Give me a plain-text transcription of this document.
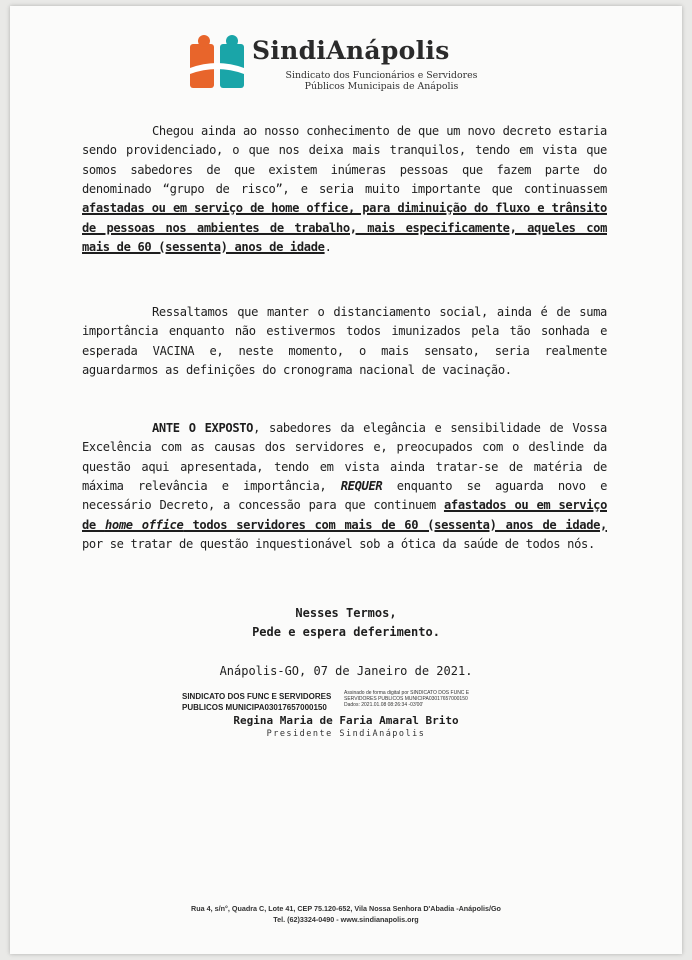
SindiAnápolis
Sindicato dos Funcionários e Servidores
Públicos Municipais de Anápolis
Chegou ainda ao nosso conhecimento de que um novo decreto estaria sendo providenciado, o que nos deixa mais tranquilos, tendo em vista que somos sabedores de que existem inúmeras pessoas que fazem parte do denominado “grupo de risco”, e seria muito importante que continuassem afastadas ou em serviço de home office, para diminuição do fluxo e trânsito de pessoas nos ambientes de trabalho, mais especificamente, aqueles com mais de 60 (sessenta) anos de idade.
Ressaltamos que manter o distanciamento social, ainda é de suma importância enquanto não estivermos todos imunizados pela tão sonhada e esperada VACINA e, neste momento, o mais sensato, seria realmente aguardarmos as definições do cronograma nacional de vacinação.
ANTE O EXPOSTO, sabedores da elegância e sensibilidade de Vossa Excelência com as causas dos servidores e, preocupados com o deslinde da questão aqui apresentada, tendo em vista ainda tratar-se de matéria de máxima relevância e importância, REQUER enquanto se aguarda novo e necessário Decreto, a concessão para que continuem afastados ou em serviço de home office todos servidores com mais de 60 (sessenta) anos de idade, por se tratar de questão inquestionável sob a ótica da saúde de todos nós.
Nesses Termos,
Pede e espera deferimento.
Anápolis-GO, 07 de Janeiro de 2021.
SINDICATO DOS FUNC E SERVIDORES
PUBLICOS MUNICIPA03017657000150
Assinado de forma digital por SINDICATO DOS FUNC E SERVIDORES PUBLICOS MUNICIPA03017657000150 Dados: 2021.01.08 08:26:34 -03'00'
Regina Maria de Faria Amaral Brito
Presidente SindiAnápolis
Rua 4, s/n°, Quadra C, Lote 41, CEP 75.120-652, Vila Nossa Senhora D'Abadia -Anápolis/Go
Tel. (62)3324-0490 - www.sindianapolis.org
